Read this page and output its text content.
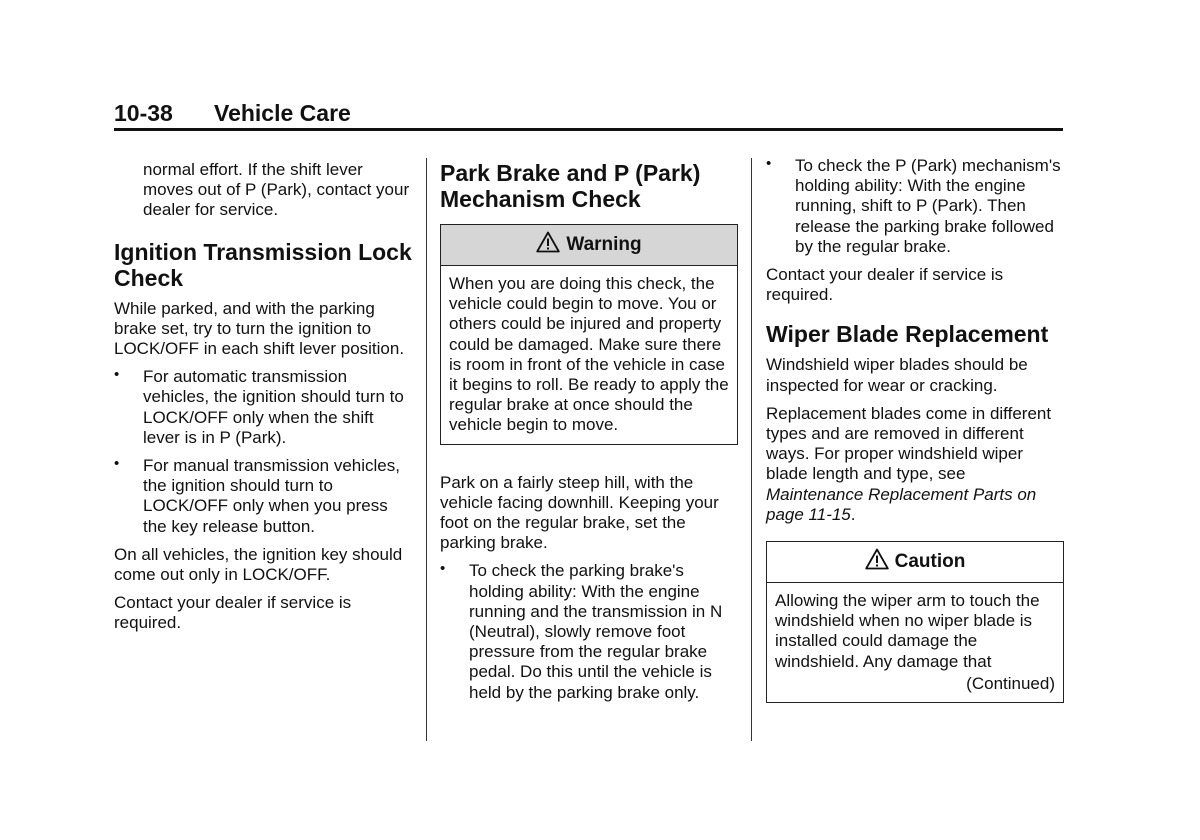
10-38 Vehicle Care

normal effort. If the shift lever moves out of P (Park), contact your dealer for service.

Ignition Transmission Lock Check

While parked, and with the parking brake set, try to turn the ignition to LOCK/OFF in each shift lever position.

• For automatic transmission vehicles, the ignition should turn to LOCK/OFF only when the shift lever is in P (Park).
• For manual transmission vehicles, the ignition should turn to LOCK/OFF only when you press the key release button.

On all vehicles, the ignition key should come out only in LOCK/OFF.

Contact your dealer if service is required.

Park Brake and P (Park) Mechanism Check
Warning
When you are doing this check, the vehicle could begin to move. You or others could be injured and property could be damaged. Make sure there is room in front of the vehicle in case it begins to roll. Be ready to apply the regular brake at once should the vehicle begin to move.

Park on a fairly steep hill, with the vehicle facing downhill. Keeping your foot on the regular brake, set the parking brake.

• To check the parking brake's holding ability: With the engine running and the transmission in N (Neutral), slowly remove foot pressure from the regular brake pedal. Do this until the vehicle is held by the parking brake only.
• To check the P (Park) mechanism's holding ability: With the engine running, shift to P (Park). Then release the parking brake followed by the regular brake.

Contact your dealer if service is required.

Wiper Blade Replacement

Windshield wiper blades should be inspected for wear or cracking.

Replacement blades come in different types and are removed in different ways. For proper windshield wiper blade length and type, see Maintenance Replacement Parts on page 11-15.

Caution
Allowing the wiper arm to touch the windshield when no wiper blade is installed could damage the windshield. Any damage that
(Continued)
